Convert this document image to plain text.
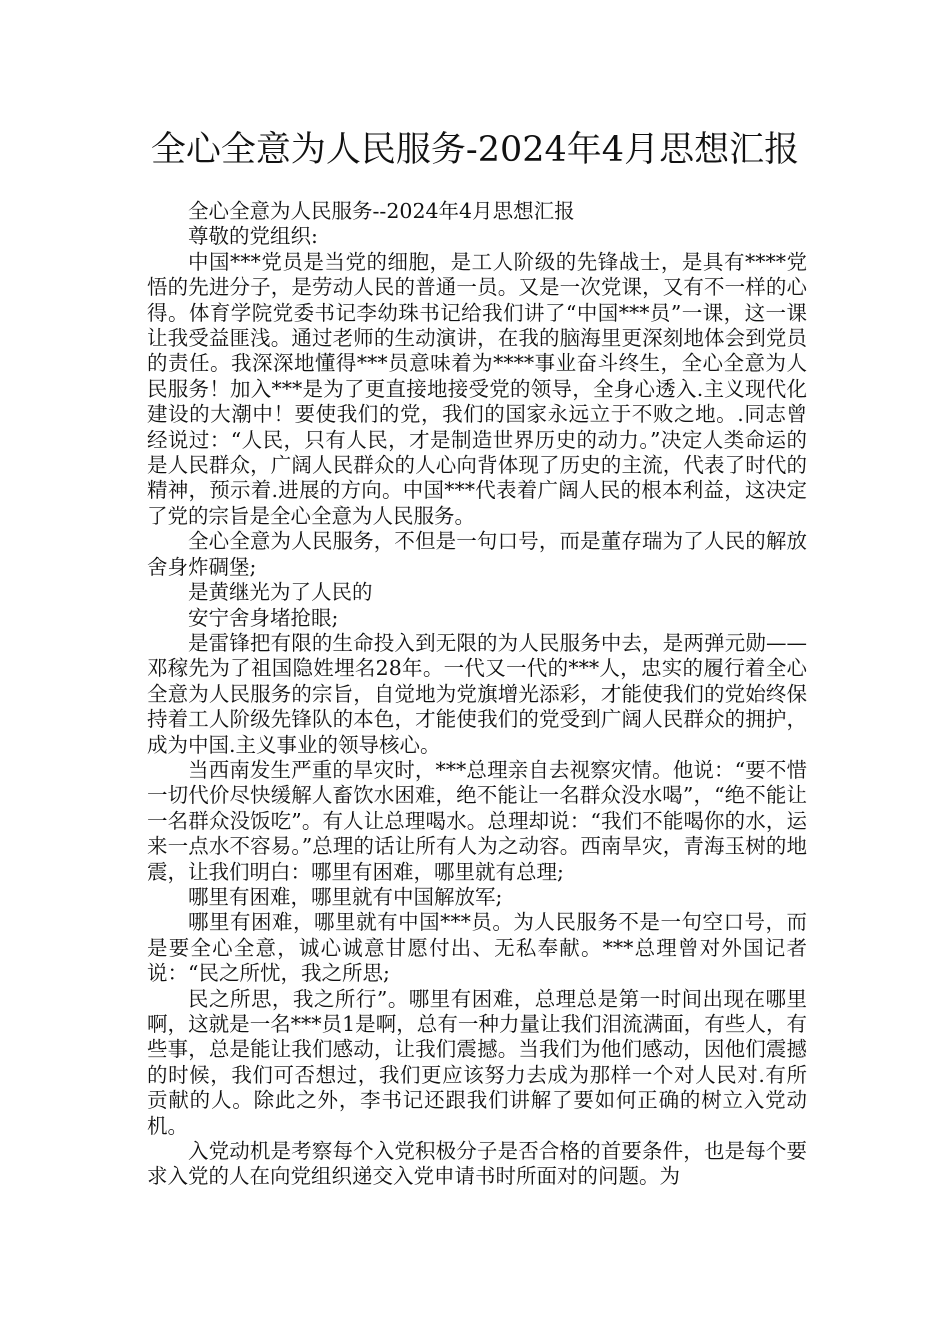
全心全意为人民服务-2024年4月思想汇报

全心全意为人民服务--2024年4月思想汇报

尊敬的党组织:

中国***党员是当党的细胞，是工人阶级的先锋战士，是具有****党悟的先进分子，是劳动人民的普通一员。又是一次党课，又有不一样的心得。体育学院党委书记李幼珠书记给我们讲了“中国***员”一课，这一课让我受益匪浅。通过老师的生动演讲，在我的脑海里更深刻地体会到党员的责任。我深深地懂得***员意味着为****事业奋斗终生，全心全意为人民服务！加入***是为了更直接地接受党的领导，全身心透入.主义现代化建设的大潮中！要使我们的党，我们的国家永远立于不败之地。.同志曾经说过：“人民，只有人民，才是制造世界历史的动力。”决定人类命运的是人民群众，广阔人民群众的人心向背体现了历史的主流，代表了时代的精神，预示着.进展的方向。中国***代表着广阔人民的根本利益，这决定了党的宗旨是全心全意为人民服务。

全心全意为人民服务，不但是一句口号，而是董存瑞为了人民的解放舍身炸碉堡;

是黄继光为了人民的

安宁舍身堵抢眼;

是雷锋把有限的生命投入到无限的为人民服务中去，是两弹元勋——邓稼先为了祖国隐姓埋名28年。一代又一代的***人，忠实的履行着全心全意为人民服务的宗旨，自觉地为党旗增光添彩，才能使我们的党始终保持着工人阶级先锋队的本色，才能使我们的党受到广阔人民群众的拥护，成为中国.主义事业的领导核心。

当西南发生严重的旱灾时，***总理亲自去视察灾情。他说：“要不惜一切代价尽快缓解人畜饮水困难，绝不能让一名群众没水喝”，“绝不能让一名群众没饭吃”。有人让总理喝水。总理却说：“我们不能喝你的水，运来一点水不容易。”总理的话让所有人为之动容。西南旱灾，青海玉树的地震，让我们明白：哪里有困难，哪里就有总理;

哪里有困难，哪里就有中国解放军;

哪里有困难，哪里就有中国***员。为人民服务不是一句空口号，而是要全心全意，诚心诚意甘愿付出、无私奉献。***总理曾对外国记者说：“民之所忧，我之所思;

民之所思，我之所行”。哪里有困难，总理总是第一时间出现在哪里啊，这就是一名***员1是啊，总有一种力量让我们泪流满面，有些人，有些事，总是能让我们感动，让我们震撼。当我们为他们感动，因他们震撼的时候，我们可否想过，我们更应该努力去成为那样一个对人民对.有所贡献的人。除此之外，李书记还跟我们讲解了要如何正确的树立入党动机。

入党动机是考察每个入党积极分子是否合格的首要条件，也是每个要求入党的人在向党组织递交入党申请书时所面对的问题。为
